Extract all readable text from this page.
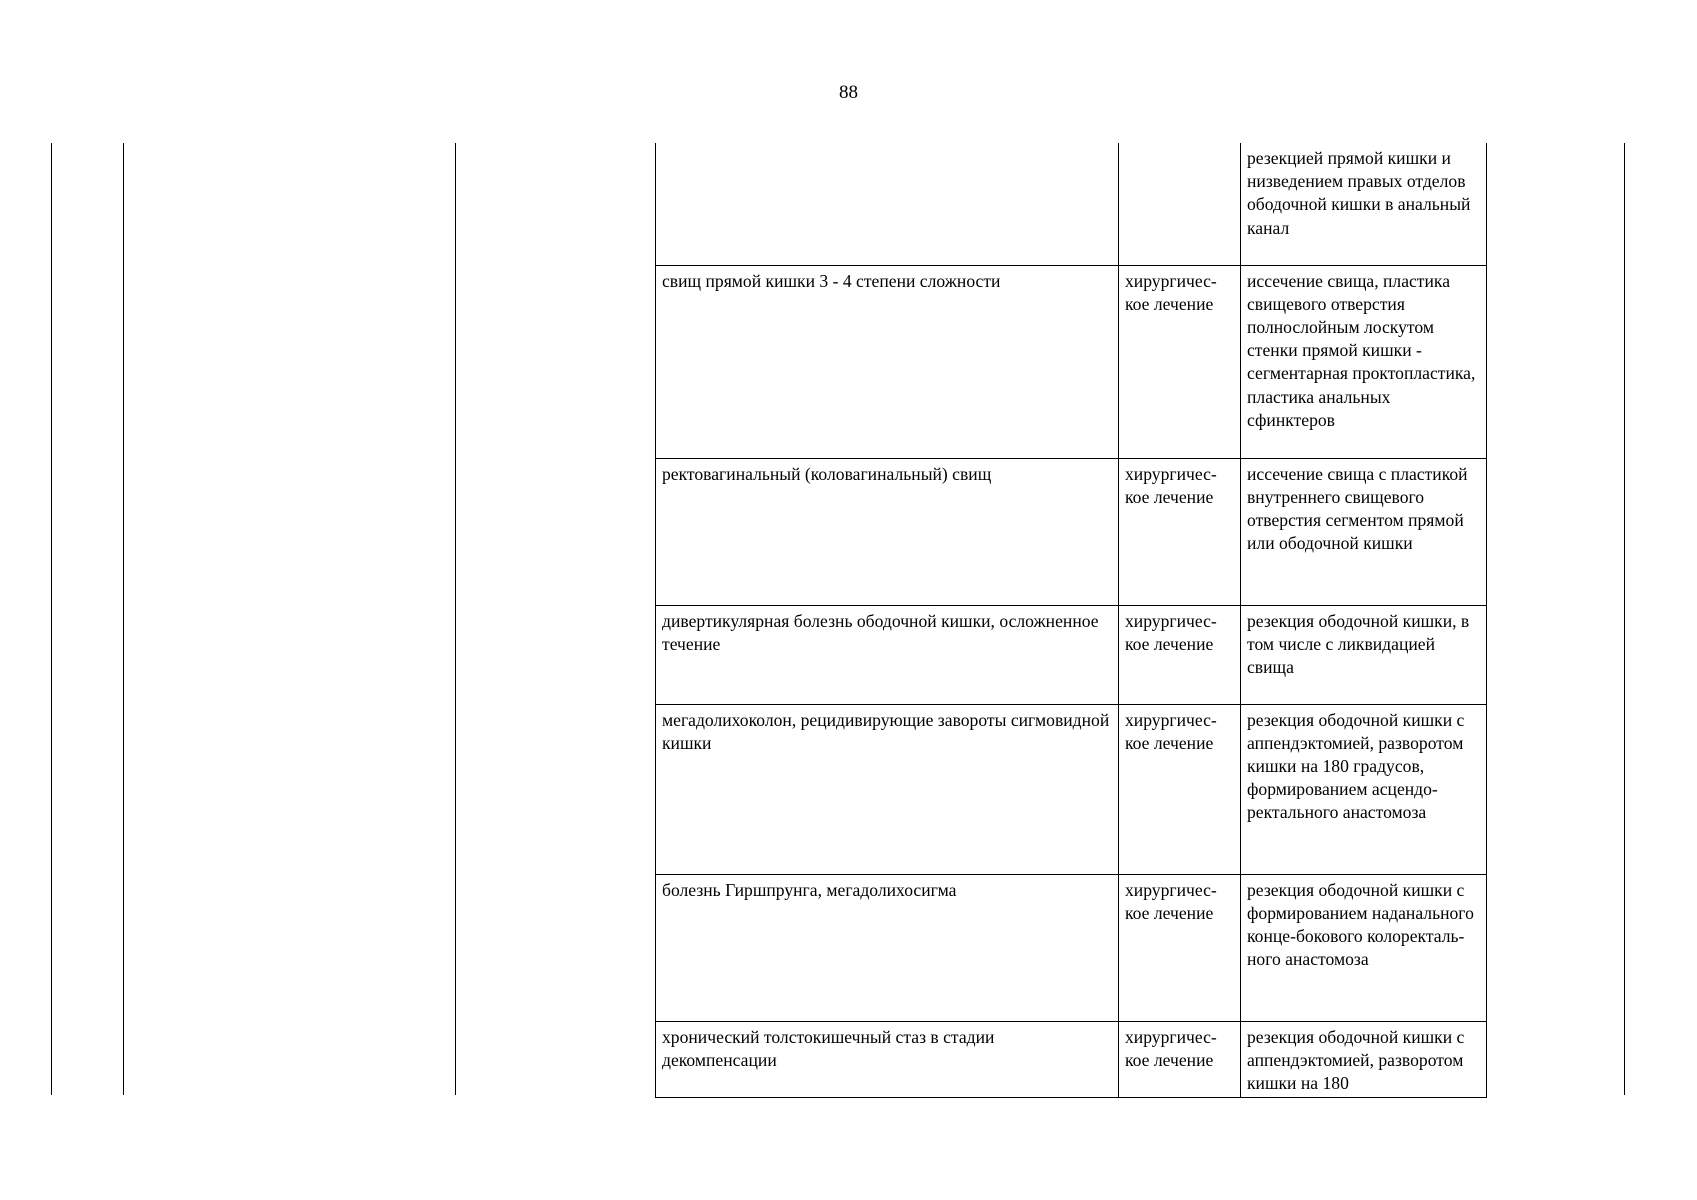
88
		резекцией прямой кишки и низведением правых отделов ободочной кишки в анальный канал
свищ прямой кишки 3 - 4 степени сложности	хирургичес-кое лечение	иссечение свища, пластика свищевого отверстия полнослойным лоскутом стенки прямой кишки - сегментарная проктопластика, пластика анальных сфинктеров
ректовагинальный (коловагинальный) свищ	хирургичес-кое лечение	иссечение свища с пластикой внутреннего свищевого отверстия сегментом прямой или ободочной кишки
дивертикулярная болезнь ободочной кишки, осложненное течение	хирургичес-кое лечение	резекция ободочной кишки, в том числе с ликвидацией свища
мегадолихоколон, рецидивирующие завороты сигмовидной кишки	хирургичес-кое лечение	резекция ободочной кишки с аппендэктомией, разворотом кишки на 180 градусов, формированием асцендо-ректального анастомоза
болезнь Гиршпрунга, мегадолихосигма	хирургичес-кое лечение	резекция ободочной кишки с формированием наданального конце-бокового колоректаль-ного анастомоза
хронический толстокишечный стаз в стадии декомпенсации	хирургичес-кое лечение	резекция ободочной кишки с аппендэктомией, разворотом кишки на 180
